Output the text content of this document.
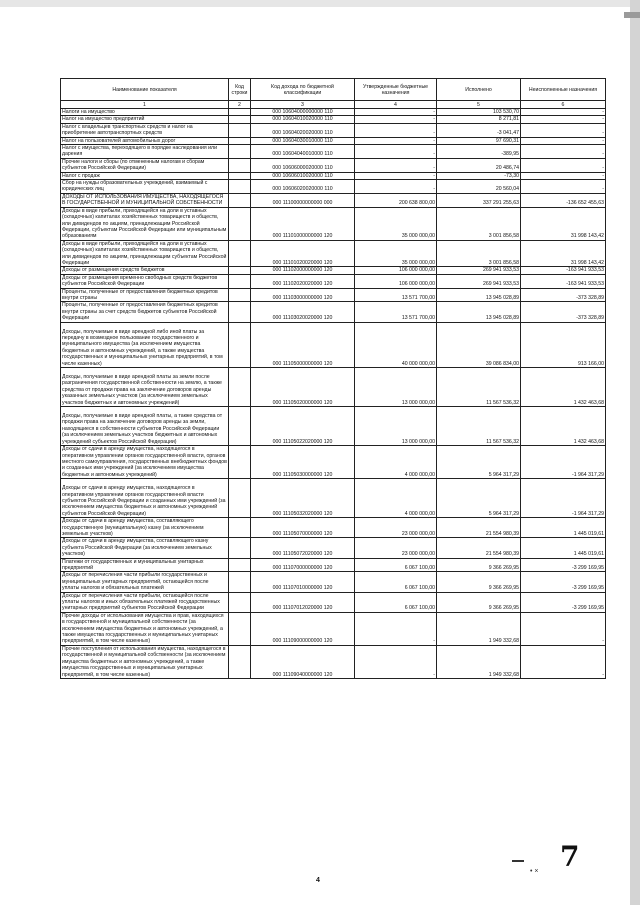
Наименование показателя	Код строки	Код дохода по бюджетной классификации	Утвержденные бюджетные назначения	Исполнено	Неисполненные назначения
1	2	3	4	5	6
Налоги на имущество		000 10604000000000 110	-	103 530,70	-
Налог на имущество предприятий		000 10604010020000 110	-	8 271,81	-
Налог с владельцев транспортных средств и налог на приобретение автотранспортных средств		000 10604020020000 110	-	-3 041,47	-
Налог на пользователей автомобильных дорог		000 10604030010000 110	-	97 690,31	-
Налог с имущества, переходящего в порядке наследования или дарения		000 10604040010000 110	-	-389,95	-
Прочие налоги и сборы (по отмененным налогам и сборам субъектов Российской Федерации)		000 10606000020000 110	-	20 486,74	-
Налог с продаж		000 10606010020000 110	-	-73,30	-
Сбор на нужды образовательных учреждений, взимаемый с юридических лиц		000 10606020020000 110	-	20 560,04	-
ДОХОДЫ ОТ ИСПОЛЬЗОВАНИЯ ИМУЩЕСТВА, НАХОДЯЩЕГОСЯ В ГОСУДАРСТВЕННОЙ И МУНИЦИПАЛЬНОЙ СОБСТВЕННОСТИ		000 11100000000000 000	200 638 800,00	337 291 255,63	-136 652 455,63
Доходы в виде прибыли, приходящейся на доли в уставных (складочных) капиталах хозяйственных товариществ и обществ, или дивидендов по акциям, принадлежащим Российской Федерации, субъектам Российской Федерации или муниципальным образованиям		000 11101000000000 120	35 000 000,00	3 001 856,58	31 998 143,42
Доходы в виде прибыли, приходящейся на доли в уставных (складочных) капиталах хозяйственных товариществ и обществ, или дивидендов по акциям, принадлежащим субъектам Российской Федерации		000 11101020020000 120	35 000 000,00	3 001 856,58	31 998 143,42
Доходы от размещения средств бюджетов		000 11102000000000 120	106 000 000,00	269 941 933,53	-163 941 933,53
Доходы от размещения временно свободных средств бюджетов субъектов Российской Федерации		000 11102020020000 120	106 000 000,00	269 941 933,53	-163 941 933,53
Проценты, полученные от предоставления бюджетных кредитов внутри страны		000 11103000000000 120	13 571 700,00	13 945 028,89	-373 328,89
Проценты, полученные от предоставления бюджетных кредитов внутри страны за счет средств бюджетов субъектов Российской Федерации		000 11103020020000 120	13 571 700,00	13 945 028,89	-373 328,89
Доходы, получаемые в виде арендной либо иной платы за передачу в возмездное пользование государственного и муниципального имущества (за исключением имущества бюджетных и автономных учреждений, а также имущества государственных и муниципальных унитарных предприятий, в том числе казенных)		000 11105000000000 120	40 000 000,00	39 086 834,00	913 166,00
Доходы, получаемые в виде арендной платы за земли после разграничения государственной собственности на землю, а также средства от продажи права на заключение договоров аренды указанных земельных участков (за исключением земельных участков бюджетных и автономных учреждений)		000 11105020000000 120	13 000 000,00	11 567 536,32	1 432 463,68
Доходы, получаемые в виде арендной платы, а также средства от продажи права на заключение договоров аренды за земли, находящиеся в собственности субъектов Российской Федерации (за исключением земельных участков бюджетных и автономных учреждений субъектов Российской Федерации)		000 11105022020000 120	13 000 000,00	11 567 536,32	1 432 463,68
Доходы от сдачи в аренду имущества, находящегося в оперативном управлении органов государственной власти, органов местного самоуправления, государственных внебюджетных фондов и созданных ими учреждений (за исключением имущества бюджетных и автономных учреждений)		000 11105030000000 120	4 000 000,00	5 964 317,29	-1 964 317,29
Доходы от сдачи в аренду имущества, находящегося в оперативном управлении органов государственной власти субъектов Российской Федерации и созданных ими учреждений (за исключением имущества бюджетных и автономных учреждений субъектов Российской Федерации)		000 11105032020000 120	4 000 000,00	5 964 317,29	-1 964 317,29
Доходы от сдачи в аренду имущества, составляющего государственную (муниципальную) казну (за исключением земельных участков)		000 11105070000000 120	23 000 000,00	21 554 980,39	1 445 019,61
Доходы от сдачи в аренду имущества, составляющего казну субъекта Российской Федерации (за исключением земельных участков)		000 11105072020000 120	23 000 000,00	21 554 980,39	1 445 019,61
Платежи от государственных и муниципальных унитарных предприятий		000 11107000000000 120	6 067 100,00	9 366 269,95	-3 299 169,95
Доходы от перечисления части прибыли государственных и муниципальных унитарных предприятий, остающейся после уплаты налогов и обязательных платежей		000 11107010000000 120	6 067 100,00	9 366 269,95	-3 299 169,95
Доходы от перечисления части прибыли, остающейся после уплаты налогов и иных обязательных платежей государственных унитарных предприятий субъектов Российской Федерации		000 11107012020000 120	6 067 100,00	9 366 269,95	-3 299 169,95
Прочие доходы от использования имущества и прав, находящихся в государственной и муниципальной собственности (за исключением имущества бюджетных и автономных учреждений, а также имущества государственных и муниципальных унитарных предприятий, в том числе казенных)		000 11109000000000 120	-	1 949 332,68	-
Прочие поступления от использования имущества, находящегося в государственной и муниципальной собственности (за исключением имущества бюджетных и автономных учреждений, а также имущества государственных и муниципальных унитарных предприятий, в том числе казенных)		000 11109040000000 120	-	1 949 332,68	-
7
• ×
4
